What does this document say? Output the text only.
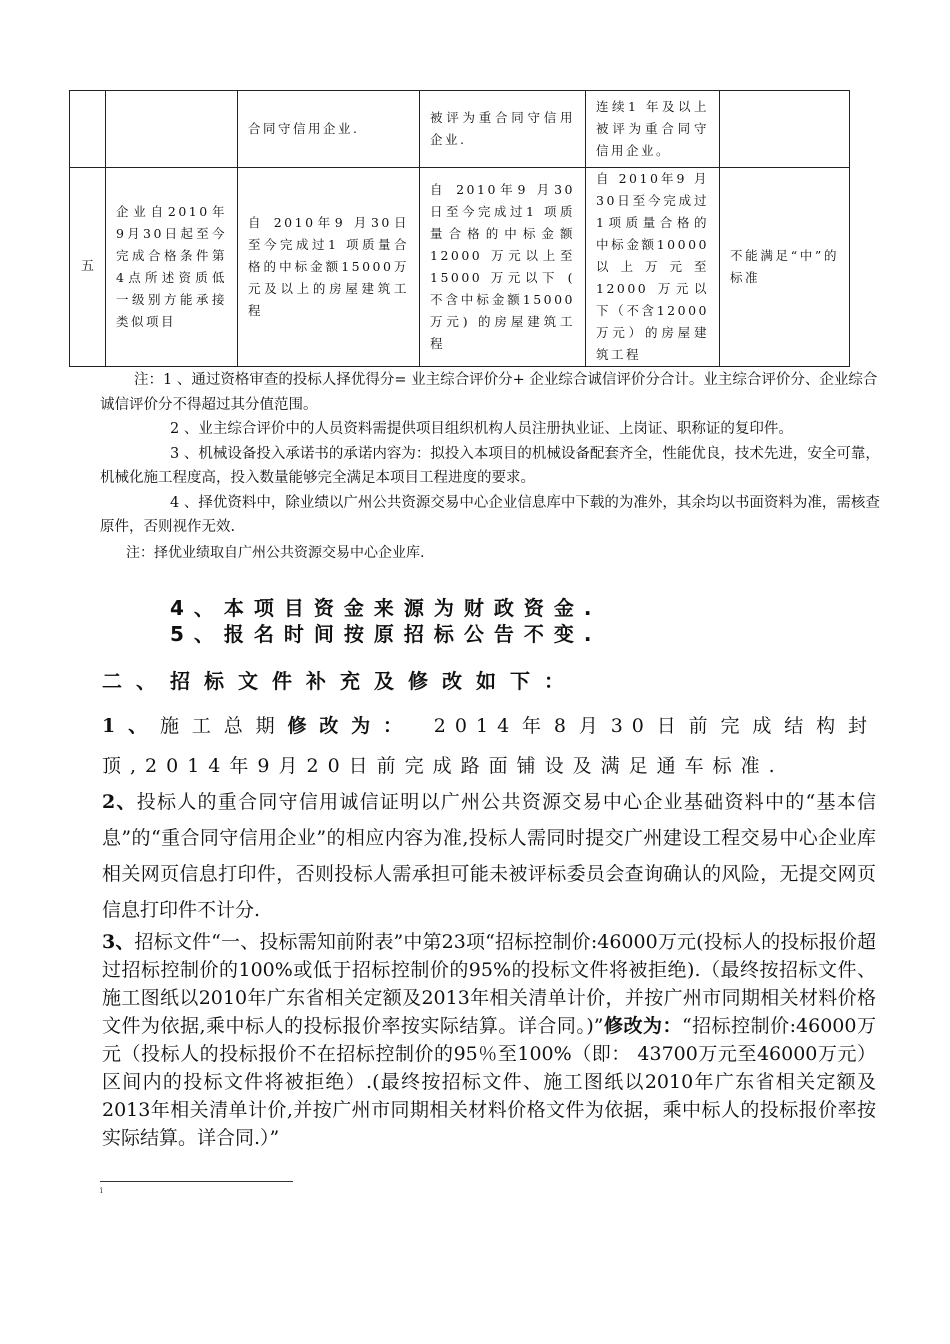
		合同守信用企业.	被评为重合同守信用企业.	连续1 年及以上被评为重合同守信用企业。	
五	企业自2010年9月30日起至今完成合格条件第4点所述资质低一级别方能承接类似项目	自 2010年9 月30日至今完成过1 项质量合格的中标金额15000万元及以上的房屋建筑工程	自 2010年9 月30日至今完成过1 项质量合格的中标金额12000 万元以上至15000 万元以下 ( 不含中标金额15000 万元) 的房屋建筑工程	自 2010年9 月30日至今完成过1项质量合格的中标金额10000 以上万元至12000 万元以下（不含12000 万元）的房屋建筑工程	不能满足“中”的标准

注：1 、通过资格审查的投标人择优得分= 业主综合评价分+ 企业综合诚信评价分合计。业主综合评价分、企业综合诚信评价分不得超过其分值范围。

2 、业主综合评价中的人员资料需提供项目组织机构人员注册执业证、上岗证、职称证的复印件。

3 、机械设备投入承诺书的承诺内容为：拟投入本项目的机械设备配套齐全，性能优良，技术先进，安全可靠，机械化施工程度高，投入数量能够完全满足本项目工程进度的要求。

4 、择优资料中，除业绩以广州公共资源交易中心企业信息库中下载的为准外，其余均以书面资料为准，需核查原件，否则视作无效.

注：择优业绩取自广州公共资源交易中心企业库.

4、本项目资金来源为财政资金.

5、报名时间按原招标公告不变.

二、招标文件补充及修改如下：

1、施工总期修改为： 2014年8月30日前完成结构封顶,2014年9月20日前完成路面铺设及满足通车标准.

2、投标人的重合同守信用诚信证明以广州公共资源交易中心企业基础资料中的“基本信息”的“重合同守信用企业”的相应内容为准,投标人需同时提交广州建设工程交易中心企业库相关网页信息打印件，否则投标人需承担可能未被评标委员会查询确认的风险，无提交网页信息打印件不计分.

3、招标文件“一、投标需知前附表”中第23项“招标控制价:46000万元(投标人的投标报价超过招标控制价的100%或低于招标控制价的95%的投标文件将被拒绝).（最终按招标文件、施工图纸以2010年广东省相关定额及2013年相关清单计价，并按广州市同期相关材料价格文件为依据,乘中标人的投标报价率按实际结算。详合同。)”修改为：“招标控制价:46000万元（投标人的投标报价不在招标控制价的95％至100%（即： 43700万元至46000万元）区间内的投标文件将被拒绝）.(最终按招标文件、施工图纸以2010年广东省相关定额及2013年相关清单计价,并按广州市同期相关材料价格文件为依据，乘中标人的投标报价率按实际结算。详合同.）”

i
